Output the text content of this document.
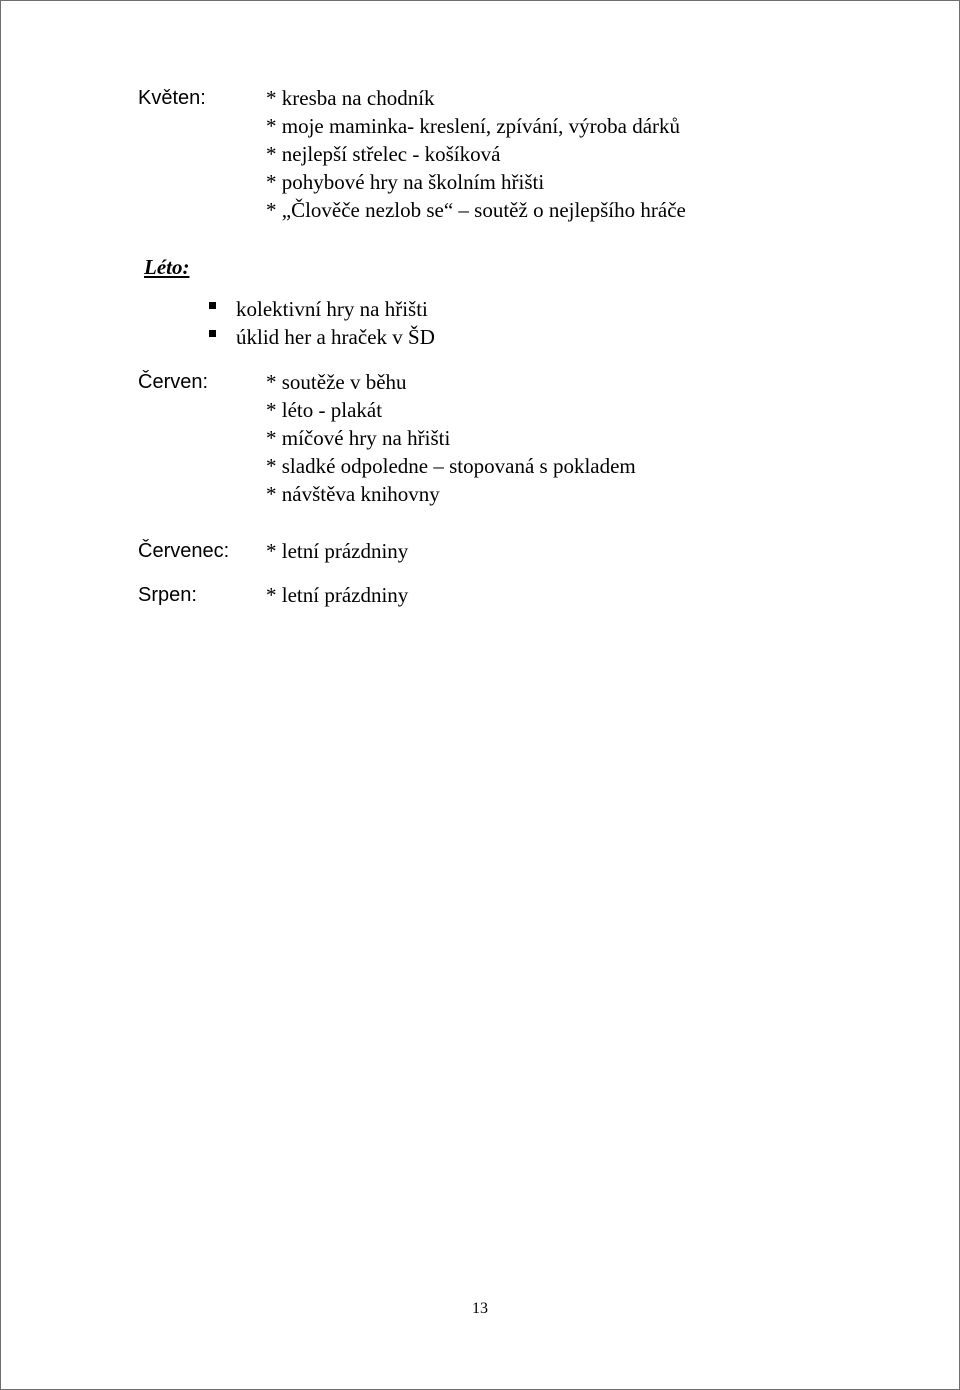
Květen:	* kresba na chodník
* moje maminka- kreslení, zpívání, výroba dárků
* nejlepší střelec - košíková
* pohybové hry na školním hřišti
* „Člověče nezlob se“ – soutěž o nejlepšího hráče
Léto:
kolektivní hry na hřišti
úklid her a hraček v ŠD
Červen:	* soutěže v běhu
* léto - plakát
* míčové hry na hřišti
* sladké odpoledne – stopovaná s pokladem
* návštěva knihovny
Červenec: * letní prázdniny
Srpen:	* letní prázdniny
13
